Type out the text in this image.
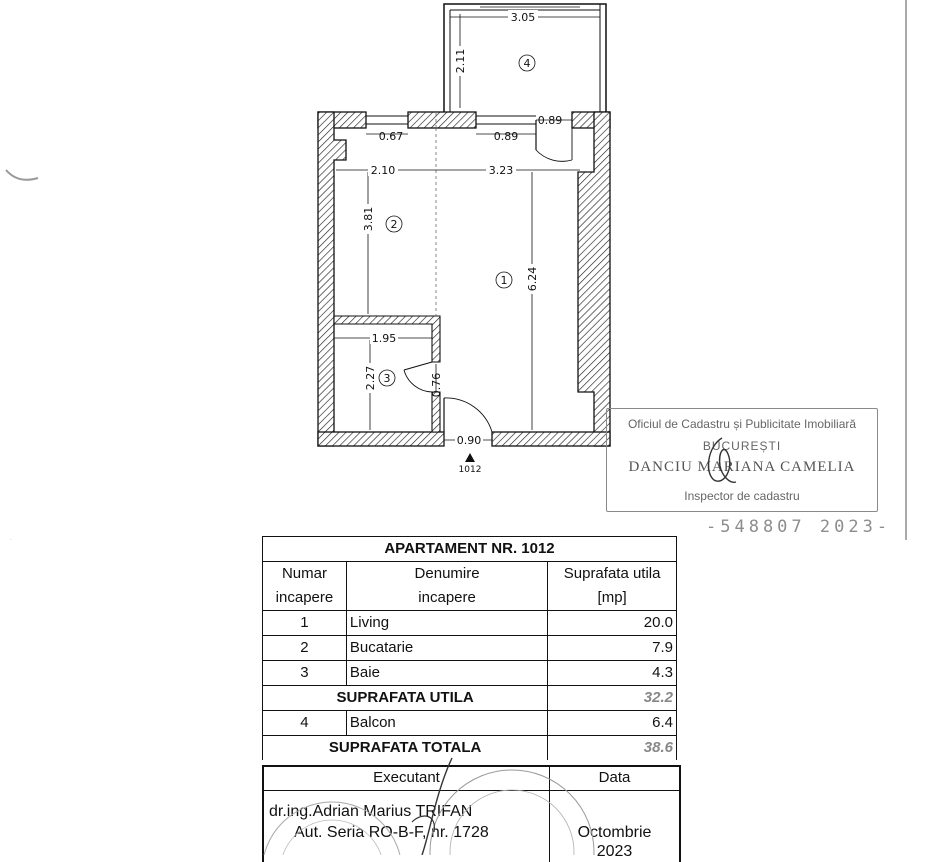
3.05
2.11
0.67	0.89
0.89
2.10	3.23
3.81
6.24
1.95
2.27	0.76
0.90
4
2
1
3
1012
Oficiul de Cadastru și Publicitate Imobiliară
BUCUREȘTI
DANCIU MARIANA CAMELIA
Inspector de cadastru
-548807 2023-
APARTAMENT NR. 1012		
Numar	Denumire	Suprafata utila
incapere	incapere	[mp]
1	Living	20.0
2	Bucatarie	7.9
3	Baie	4.3
SUPRAFATA UTILA		32.2
4	Balcon	6.4
SUPRAFATA TOTALA		38.6
Executant	Data
dr.ing.Adrian Marius TRIFAN
Aut. Seria RO-B-F, nr. 1728	Octombrie
2023
